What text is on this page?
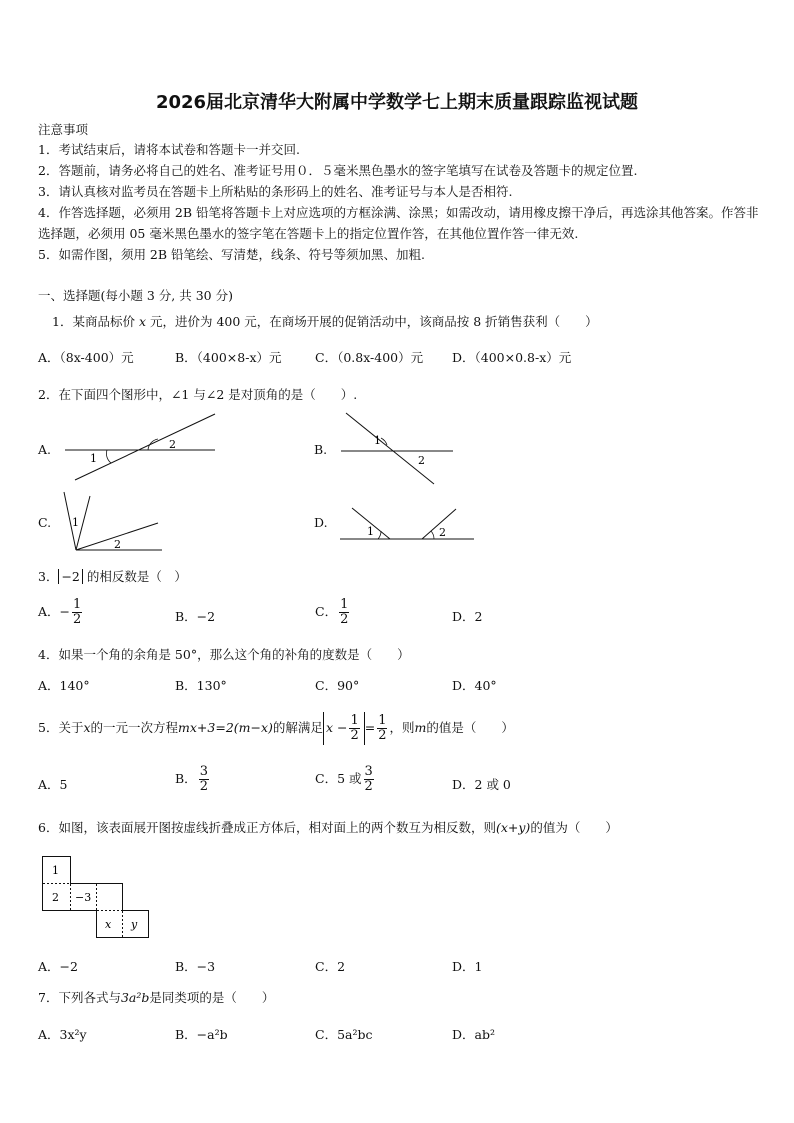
2026届北京清华大附属中学数学七上期末质量跟踪监视试题
注意事项
1．考试结束后，请将本试卷和答题卡一并交回.
2．答题前，请务必将自己的姓名、准考证号用０．５毫米黑色墨水的签字笔填写在试卷及答题卡的规定位置.
3．请认真核对监考员在答题卡上所粘贴的条形码上的姓名、准考证号与本人是否相符.
4．作答选择题，必须用 2B 铅笔将答题卡上对应选项的方框涂满、涂黑；如需改动，请用橡皮擦干净后，再选涂其他答案。作答非选择题，必须用 05 毫米黑色墨水的签字笔在答题卡上的指定位置作答，在其他位置作答一律无效.
5．如需作图，须用 2B 铅笔绘、写清楚，线条、符号等须加黑、加粗.
一、选择题(每小题 3 分, 共 30 分)
1．某商品标价 x 元，进价为 400 元，在商场开展的促销活动中，该商品按 8 折销售获利（　　）
A．（8x-400）元	B．（400×8-x）元	C．（0.8x-400）元 D．（400×0.8-x）元
2．在下面四个图形中，∠1 与∠2 是对顶角的是（　　）.
A.	B.
C.	D.
1
2	1
2
1
2
1	2
3． −2 的相反数是（　）
A．− $\frac{1}{2}$	B．−2	C． $\frac{1}{2}$	D．2
4．如果一个角的余角是 50°，那么这个角的补角的度数是（　　）
A．140°	B．130°	C．90°	D．40°
5．关于x的一元一次方程mx+3=2(m−x)的解满足 $x - \frac{1}{2} = \frac{1}{2}$ ，则m的值是（　　）
A．5	B． $\frac{3}{2}$	C．5 或 $\frac{3}{2}$	D．2 或 0
6．如图，该表面展开图按虚线折叠成正方体后，相对面上的两个数互为相反数，则(x+y)的值为（　　）
1
2 −3
x y
A．−2	B．−3	C．2	D．1
7．下列各式与3a²b是同类项的是（　　）
A．3x²y	B．−a²b	C．5a²bc	D．ab²
